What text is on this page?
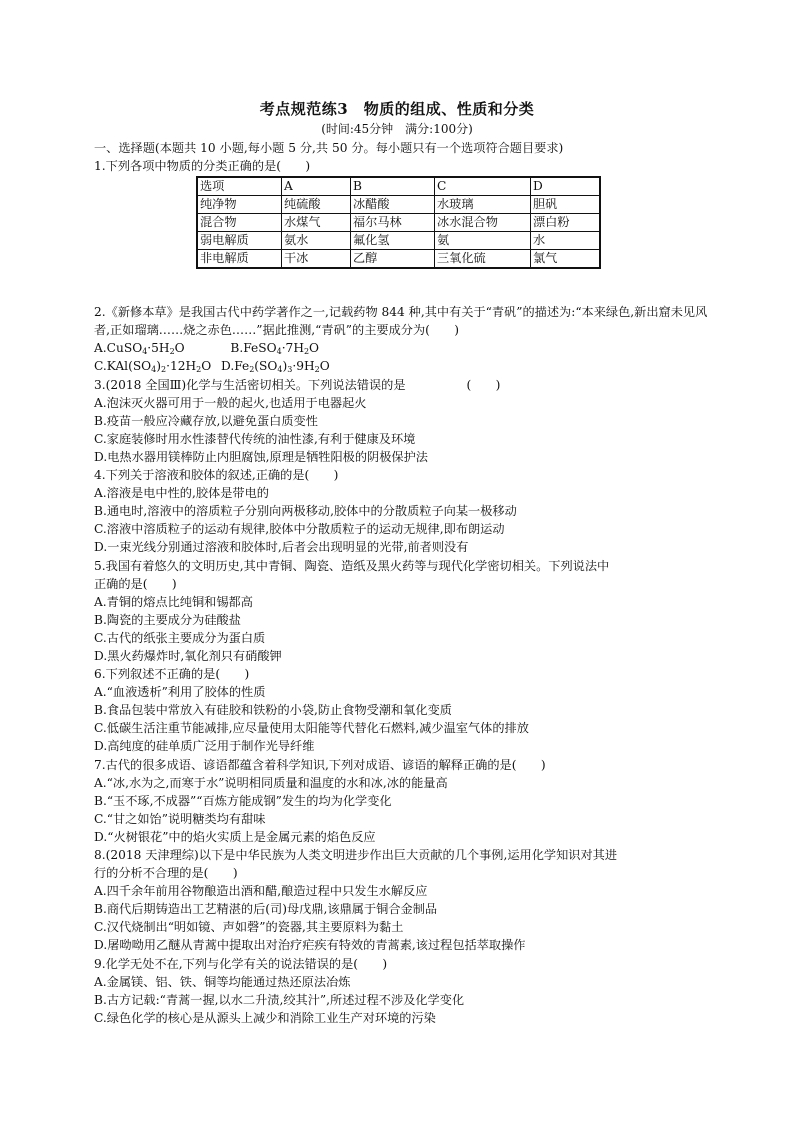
考点规范练3　物质的组成、性质和分类
(时间:45分钟　满分:100分)
选项	A	B	C	D
纯净物	纯硫酸	冰醋酸	水玻璃	胆矾
混合物	水煤气	福尔马林	冰水混合物	漂白粉
弱电解质	氨水	氟化氢	氨	水
非电解质	干冰	乙醇	三氧化硫	氯气
一、选择题(本题共 10 小题,每小题 5 分,共 50 分。每小题只有一个选项符合题目要求)
1.下列各项中物质的分类正确的是(　　)
2.《新修本草》是我国古代中药学著作之一,记载药物 844 种,其中有关于“青矾”的描述为:“本来绿色,新出窟未见风者,正如瑠璃……烧之赤色……”据此推测,“青矾”的主要成分为(　　)
$A.CuSO_4\cdot 5H_2O$	$B.FeSO_4\cdot 7H_2O$
$C.KAl(SO_4)_2\cdot 12H_2O$ $D.Fe_2(SO_4)_3\cdot 9H_2O$
3.(2018 全国Ⅲ)化学与生活密切相关。下列说法错误的是　　　　　(　　)
A.泡沫灭火器可用于一般的起火,也适用于电器起火
B.疫苗一般应冷藏存放,以避免蛋白质变性
C.家庭装修时用水性漆替代传统的油性漆,有利于健康及环境
D.电热水器用镁棒防止内胆腐蚀,原理是牺牲阳极的阴极保护法
4.下列关于溶液和胶体的叙述,正确的是(　　)
A.溶液是电中性的,胶体是带电的
B.通电时,溶液中的溶质粒子分别向两极移动,胶体中的分散质粒子向某一极移动
C.溶液中溶质粒子的运动有规律,胶体中分散质粒子的运动无规律,即布朗运动
D.一束光线分别通过溶液和胶体时,后者会出现明显的光带,前者则没有
5.我国有着悠久的文明历史,其中青铜、陶瓷、造纸及黑火药等与现代化学密切相关。下列说法中
正确的是(　　)
A.青铜的熔点比纯铜和锡都高
B.陶瓷的主要成分为硅酸盐
C.古代的纸张主要成分为蛋白质
D.黑火药爆炸时,氧化剂只有硝酸钾
6.下列叙述不正确的是(　　)
A.“血液透析”利用了胶体的性质
B.食品包装中常放入有硅胶和铁粉的小袋,防止食物受潮和氧化变质
C.低碳生活注重节能减排,应尽量使用太阳能等代替化石燃料,减少温室气体的排放
D.高纯度的硅单质广泛用于制作光导纤维
7.古代的很多成语、谚语都蕴含着科学知识,下列对成语、谚语的解释正确的是(　　)
A.“冰,水为之,而寒于水”说明相同质量和温度的水和冰,冰的能量高
B.“玉不琢,不成器”“百炼方能成钢”发生的均为化学变化
C.“甘之如饴”说明糖类均有甜味
D.“火树银花”中的焰火实质上是金属元素的焰色反应
8.(2018 天津理综)以下是中华民族为人类文明进步作出巨大贡献的几个事例,运用化学知识对其进
行的分析不合理的是(　　)
A.四千余年前用谷物酿造出酒和醋,酿造过程中只发生水解反应
B.商代后期铸造出工艺精湛的后(司)母戊鼎,该鼎属于铜合金制品
C.汉代烧制出“明如镜、声如磬”的瓷器,其主要原料为黏土
D.屠呦呦用乙醚从青蒿中提取出对治疗疟疾有特效的青蒿素,该过程包括萃取操作
9.化学无处不在,下列与化学有关的说法错误的是(　　)
A.金属镁、铝、铁、铜等均能通过热还原法冶炼
B.古方记载:“青蒿一握,以水二升渍,绞其汁”,所述过程不涉及化学变化
C.绿色化学的核心是从源头上减少和消除工业生产对环境的污染
